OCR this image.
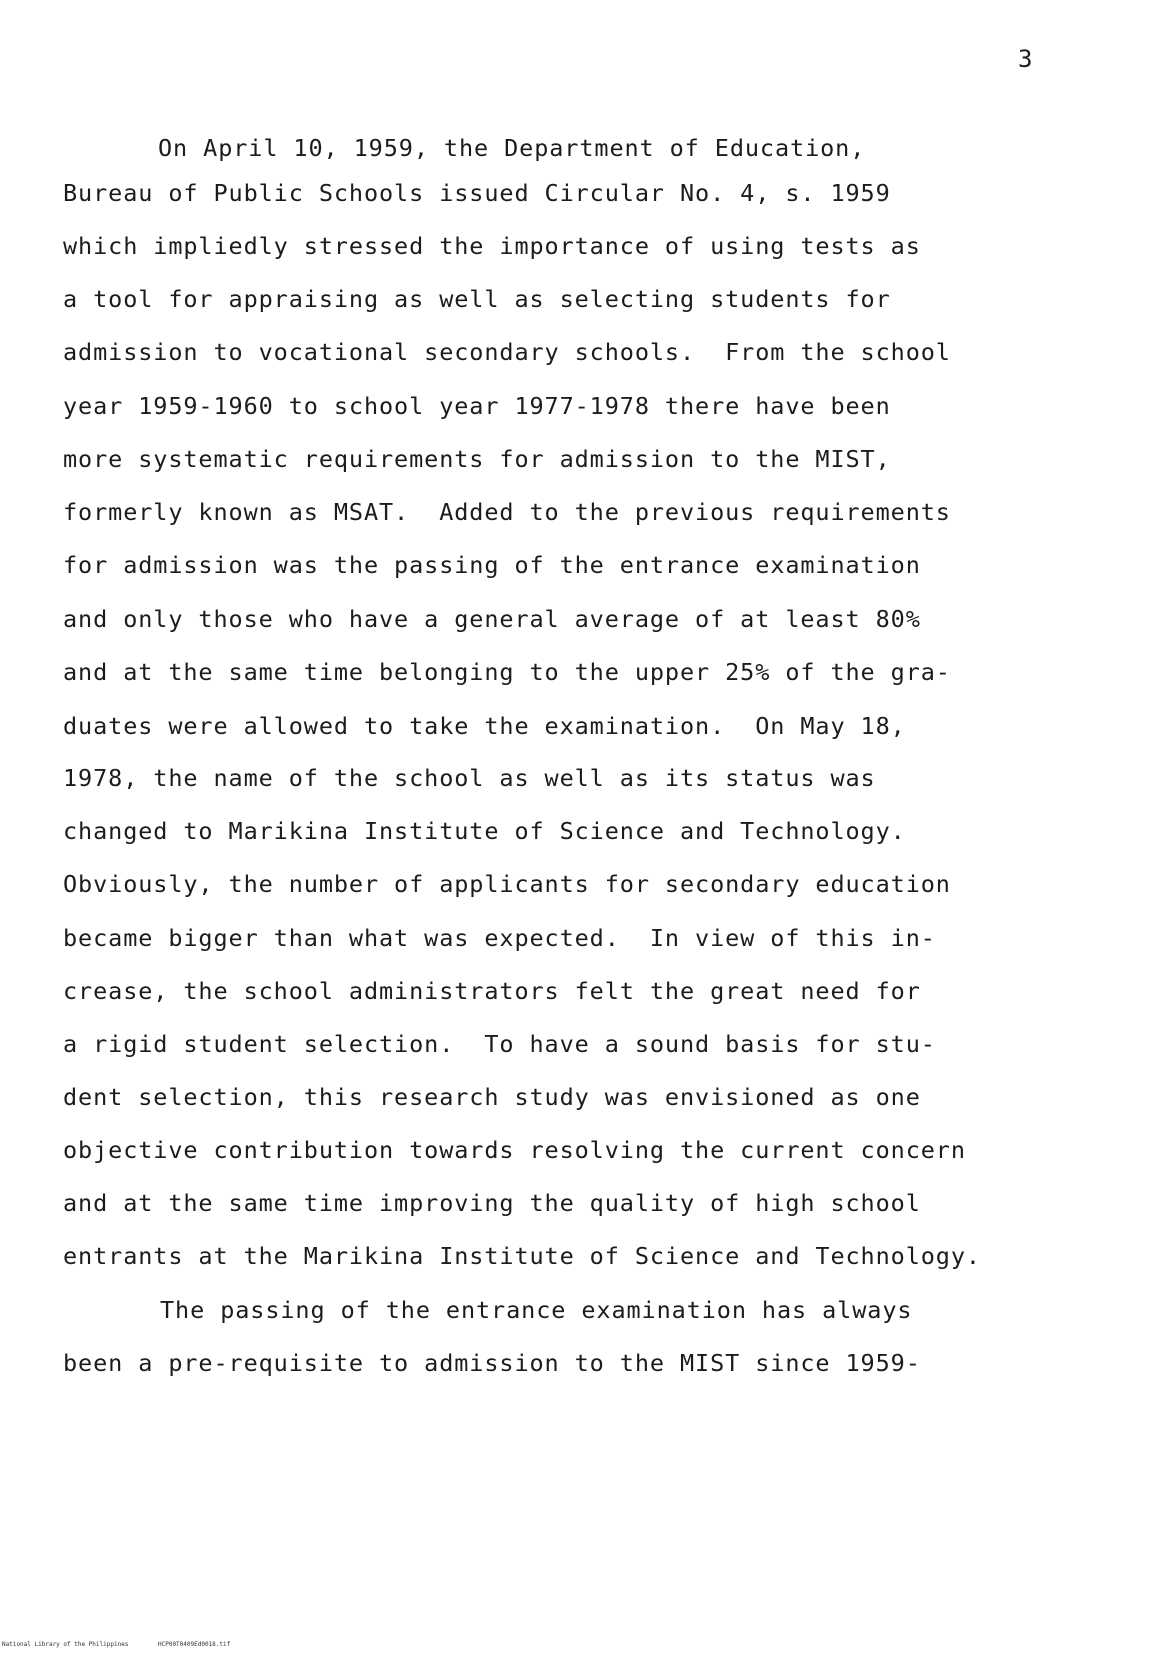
3
On April 10, 1959, the Department of Education,
Bureau of Public Schools issued Circular No. 4, s. 1959
which impliedly stressed the importance of using tests as
a tool for appraising as well as selecting students for
admission to vocational secondary schools.  From the school
year 1959-1960 to school year 1977-1978 there have been
more systematic requirements for admission to the MIST,
formerly known as MSAT.  Added to the previous requirements
for admission was the passing of the entrance examination
and only those who have a general average of at least 80%
and at the same time belonging to the upper 25% of the gra-
duates were allowed to take the examination.  On May 18,
1978, the name of the school as well as its status was
changed to Marikina Institute of Science and Technology.
Obviously, the number of applicants for secondary education
became bigger than what was expected.  In view of this in-
crease, the school administrators felt the great need for
a rigid student selection.  To have a sound basis for stu-
dent selection, this research study was envisioned as one
objective contribution towards resolving the current concern
and at the same time improving the quality of high school
entrants at the Marikina Institute of Science and Technology.
The passing of the entrance examination has always
been a pre-requisite to admission to the MIST since 1959-
National Library of the Philippines	HCP00T0409Ed0018.tif
